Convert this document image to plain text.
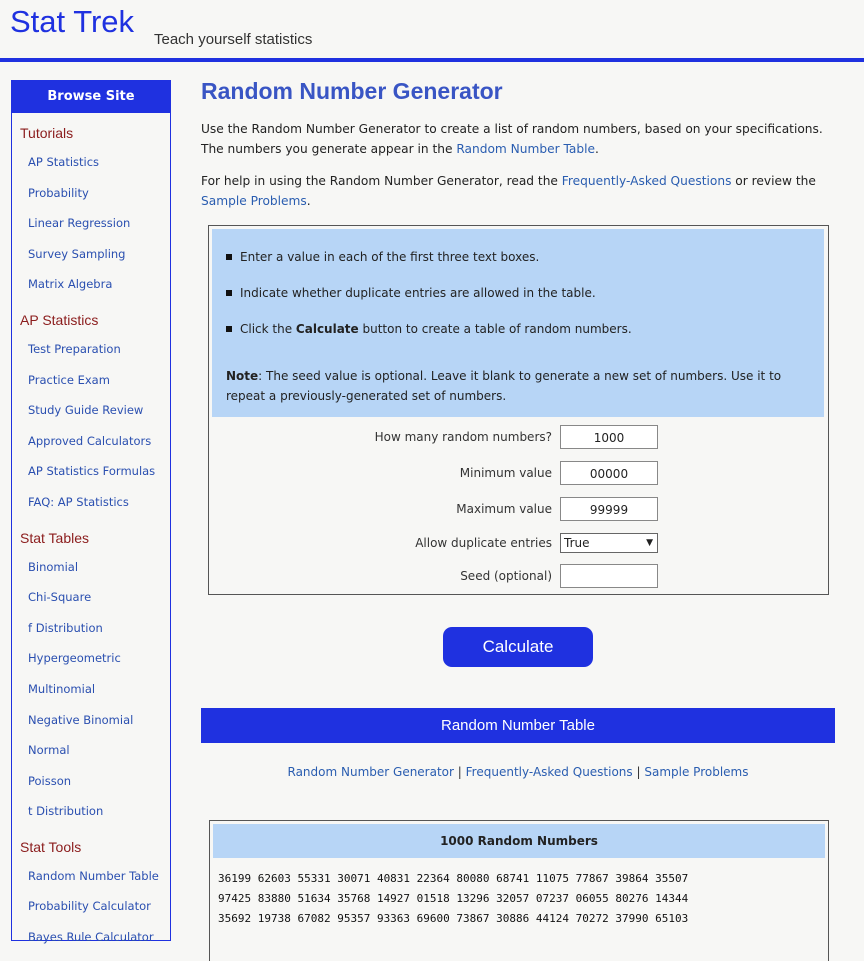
Stat Trek
Teach yourself statistics
Browse Site
Tutorials
AP Statistics
Probability
Linear Regression
Survey Sampling
Matrix Algebra
AP Statistics
Test Preparation
Practice Exam
Study Guide Review
Approved Calculators
AP Statistics Formulas
FAQ: AP Statistics
Stat Tables
Binomial
Chi-Square
f Distribution
Hypergeometric
Multinomial
Negative Binomial
Normal
Poisson
t Distribution
Stat Tools
Random Number Table
Probability Calculator
Bayes Rule Calculator
Random Number Generator

Use the Random Number Generator to create a list of random numbers, based on your specifications. The numbers you generate appear in the Random Number Table.

For help in using the Random Number Generator, read the Frequently-Asked Questions or review the Sample Problems.

Enter a value in each of the first three text boxes.
Indicate whether duplicate entries are allowed in the table.
Click the Calculate button to create a table of random numbers.
Note: The seed value is optional. Leave it blank to generate a new set of numbers. Use it to repeat a previously-generated set of numbers.
How many random numbers?	1000
Minimum value	00000
Maximum value	99999
Allow duplicate entries	True	▼
Seed (optional)
Calculate
Random Number Table
Random Number Generator | Frequently-Asked Questions | Sample Problems
1000 Random Numbers
36199 62603 55331 30071 40831 22364 80080 68741 11075 77867 39864 35507
97425 83880 51634 35768 14927 01518 13296 32057 07237 06055 80276 14344
35692 19738 67082 95357 93363 69600 73867 30886 44124 70272 37990 65103
